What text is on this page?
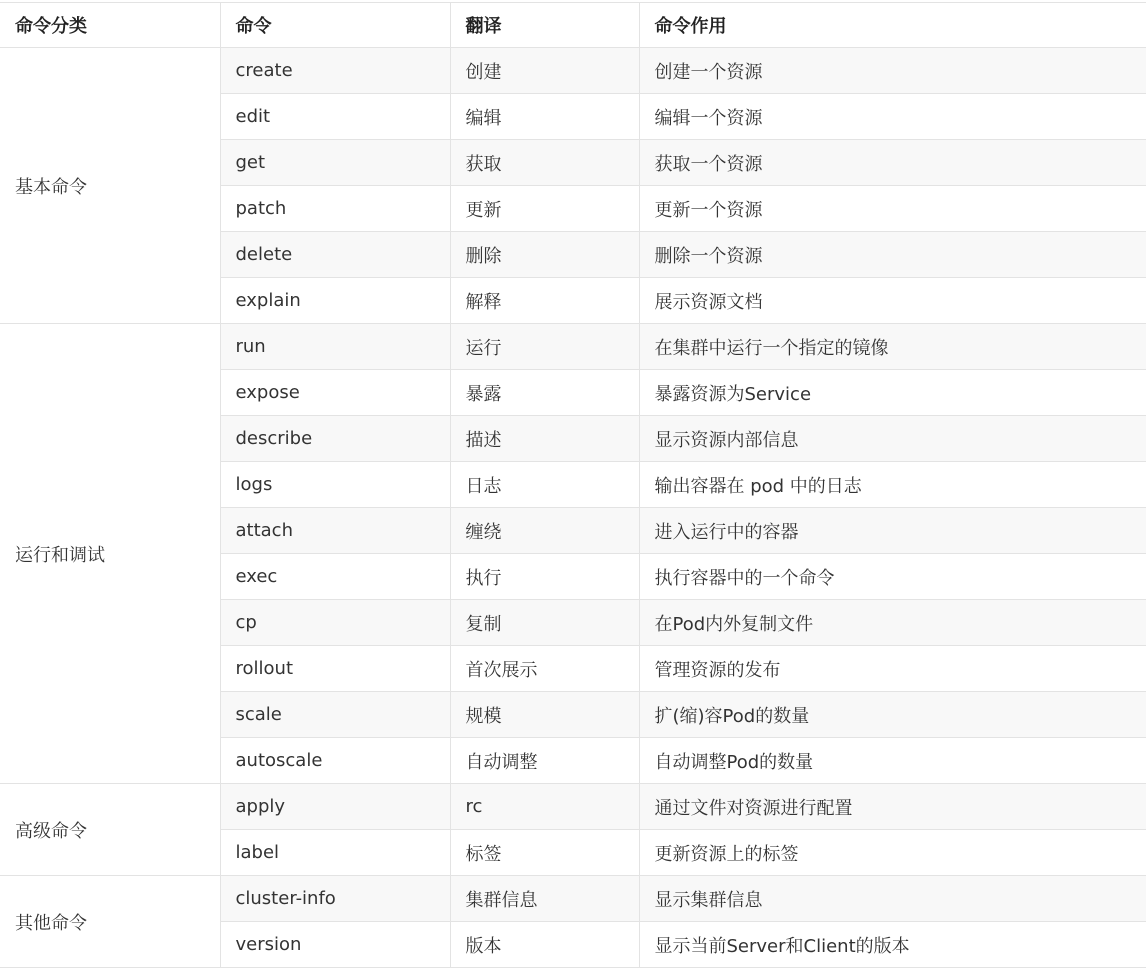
命令分类	命令	翻译	命令作用
基本命令	create	创建	创建一个资源
	edit	编辑	编辑一个资源
	get	获取	获取一个资源
	patch	更新	更新一个资源
	delete	删除	删除一个资源
	explain	解释	展示资源文档
运行和调试	run	运行	在集群中运行一个指定的镜像
	expose	暴露	暴露资源为Service
	describe	描述	显示资源内部信息
	logs	日志	输出容器在 pod 中的日志
	attach	缠绕	进入运行中的容器
	exec	执行	执行容器中的一个命令
	cp	复制	在Pod内外复制文件
	rollout	首次展示	管理资源的发布
	scale	规模	扩(缩)容Pod的数量
	autoscale	自动调整	自动调整Pod的数量
高级命令	apply	rc	通过文件对资源进行配置
	label	标签	更新资源上的标签
其他命令	cluster-info	集群信息	显示集群信息
	version	版本	显示当前Server和Client的版本
